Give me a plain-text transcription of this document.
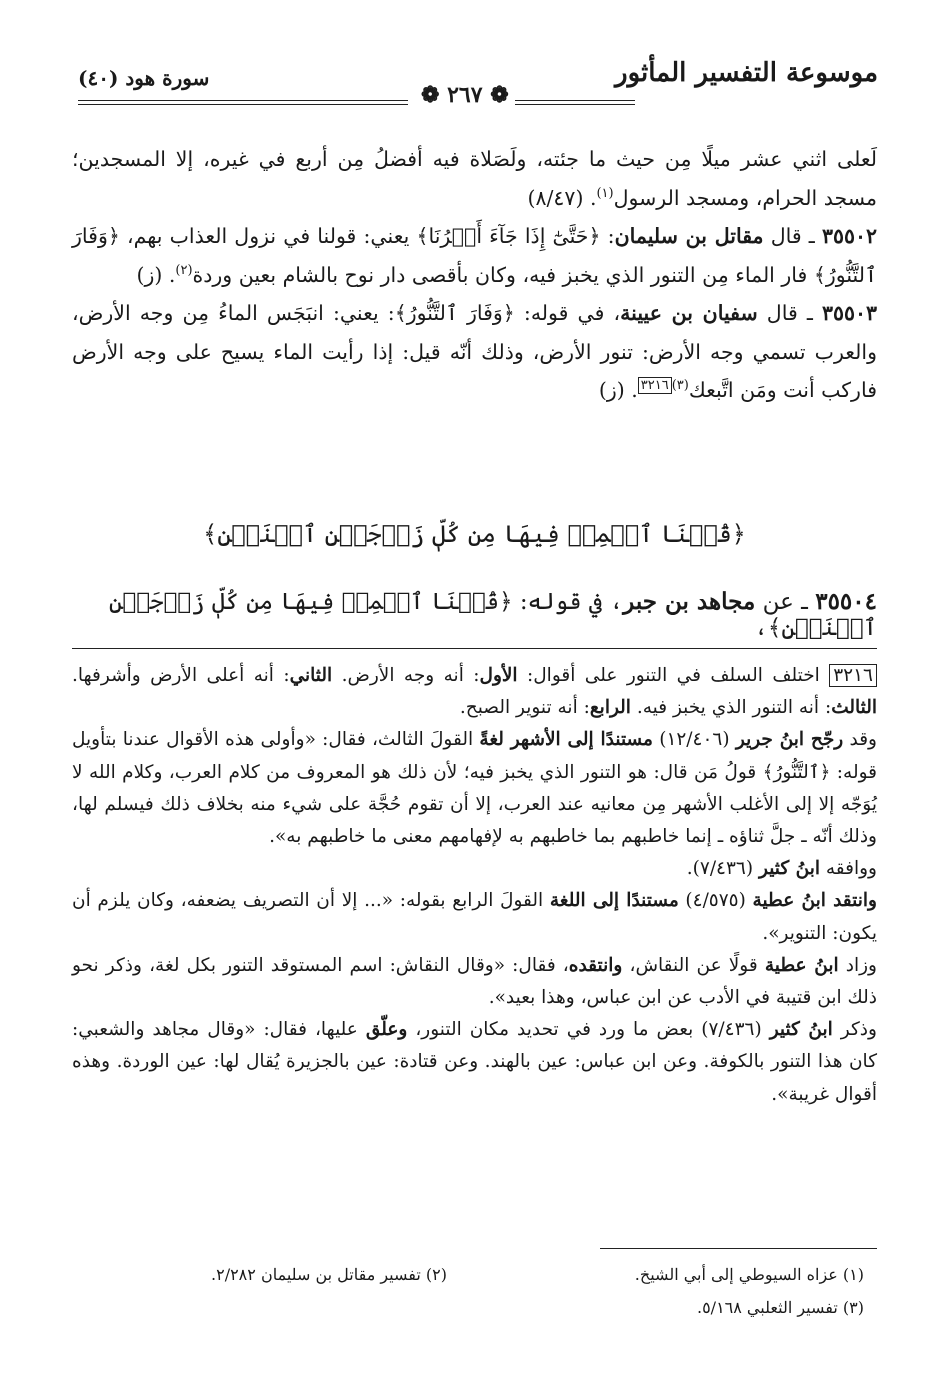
موسوعة التفسير المأثور
سورة هود (٤٠)
❁ ٢٦٧ ❁

لَعلى اثني عشر ميلًا مِن حيث ما جئته، ولَصَلاة فيه أفضلُ مِن أربع في غيره، إلا المسجدين؛ مسجد الحرام، ومسجد الرسول$^{(١)}$. (٨/٤٧)

٣٥٥٠٢ ـ قال مقاتل بن سليمان: ﴿حَتَّىٰٓ إِذَا جَآءَ أَمۡرُنَا﴾ يعني: قولنا في نزول العذاب بهم، ﴿وَفَارَ ٱلتَّنُّورُ﴾ فار الماء مِن التنور الذي يخبز فيه، وكان بأقصى دار نوح بالشام بعين وردة$^{(٢)}$. (ز)

٣٥٥٠٣ ـ قال سفيان بن عيينة، في قوله: ﴿وَفَارَ ٱلتَّنُّورُ﴾: يعني: انبَجَس الماءُ مِن وجه الأرض، والعرب تسمي وجه الأرض: تنور الأرض، وذلك أنّه قيل: إذا رأيت الماء يسيح على وجه الأرض فاركب أنت ومَن اتَّبعك$^{(٣)٣٢١٦}$. (ز)

﴿قُلۡنَا ٱحۡمِلۡ فِيهَا مِن كُلّٖ زَوۡجَيۡنِ ٱثۡنَيۡنِ﴾
٣٥٥٠٤ ـ عن مجاهد بن جبر، في قوله: ﴿قُلۡنَا ٱحۡمِلۡ فِيهَا مِن كُلّٖ زَوۡجَيۡنِ ٱثۡنَيۡنِ﴾،

٣٢١٦ اختلف السلف في التنور على أقوال: الأول: أنه وجه الأرض. الثاني: أنه أعلى الأرض وأشرفها. الثالث: أنه التنور الذي يخبز فيه. الرابع: أنه تنوير الصبح.

وقد رجّح ابنُ جرير (١٢/٤٠٦) مستندًا إلى الأشهر لغةً القولَ الثالث، فقال: «وأولى هذه الأقوال عندنا بتأويل قوله: ﴿ٱلتَّنُّورُ﴾ قولُ مَن قال: هو التنور الذي يخبز فيه؛ لأن ذلك هو المعروف من كلام العرب، وكلام الله لا يُوَجّه إلا إلى الأغلب الأشهر مِن معانيه عند العرب، إلا أن تقوم حُجَّة على شيء منه بخلاف ذلك فيسلم لها، وذلك أنّه ـ جلَّ ثناؤه ـ إنما خاطبهم بما خاطبهم به لإفهامهم معنى ما خاطبهم به».

ووافقه ابنُ كثير (٧/٤٣٦).

وانتقد ابنُ عطية (٤/٥٧٥) مستندًا إلى اللغة القولَ الرابع بقوله: «... إلا أن التصريف يضعفه، وكان يلزم أن يكون: التنوير».

وزاد ابنُ عطية قولًا عن النقاش، وانتقده، فقال: «وقال النقاش: اسم المستوقد التنور بكل لغة، وذكر نحو ذلك ابن قتيبة في الأدب عن ابن عباس، وهذا بعيد».

وذكر ابنُ كثير (٧/٤٣٦) بعض ما ورد في تحديد مكان التنور، وعلّق عليها، فقال: «وقال مجاهد والشعبي: كان هذا التنور بالكوفة. وعن ابن عباس: عين بالهند. وعن قتادة: عين بالجزيرة يُقال لها: عين الوردة. وهذه أقوال غريبة».

(١) عزاه السيوطي إلى أبي الشيخ.
(٢) تفسير مقاتل بن سليمان ٢/٢٨٢.
(٣) تفسير الثعلبي ٥/١٦٨.
